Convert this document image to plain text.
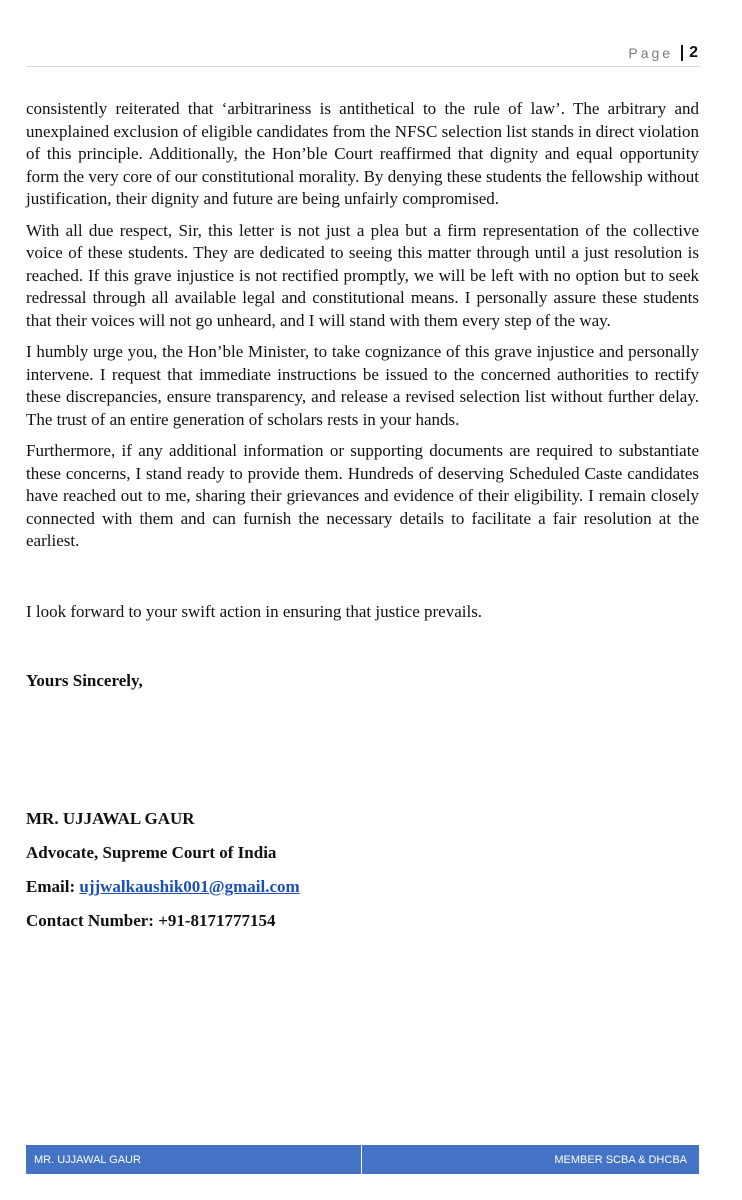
Page 2

consistently reiterated that ‘arbitrariness is antithetical to the rule of law’. The arbitrary and unexplained exclusion of eligible candidates from the NFSC selection list stands in direct violation of this principle. Additionally, the Hon’ble Court reaffirmed that dignity and equal opportunity form the very core of our constitutional morality. By denying these students the fellowship without justification, their dignity and future are being unfairly compromised.

With all due respect, Sir, this letter is not just a plea but a firm representation of the collective voice of these students. They are dedicated to seeing this matter through until a just resolution is reached. If this grave injustice is not rectified promptly, we will be left with no option but to seek redressal through all available legal and constitutional means. I personally assure these students that their voices will not go unheard, and I will stand with them every step of the way.

I humbly urge you, the Hon’ble Minister, to take cognizance of this grave injustice and personally intervene. I request that immediate instructions be issued to the concerned authorities to rectify these discrepancies, ensure transparency, and release a revised selection list without further delay. The trust of an entire generation of scholars rests in your hands.

Furthermore, if any additional information or supporting documents are required to substantiate these concerns, I stand ready to provide them. Hundreds of deserving Scheduled Caste candidates have reached out to me, sharing their grievances and evidence of their eligibility. I remain closely connected with them and can furnish the necessary details to facilitate a fair resolution at the earliest.

I look forward to your swift action in ensuring that justice prevails.
Yours Sincerely,
MR. UJJAWAL GAUR
Advocate, Supreme Court of India
Email: ujjwalkaushik001@gmail.com
Contact Number: +91-8171777154
MR. UJJAWAL GAUR	MEMBER SCBA & DHCBA
